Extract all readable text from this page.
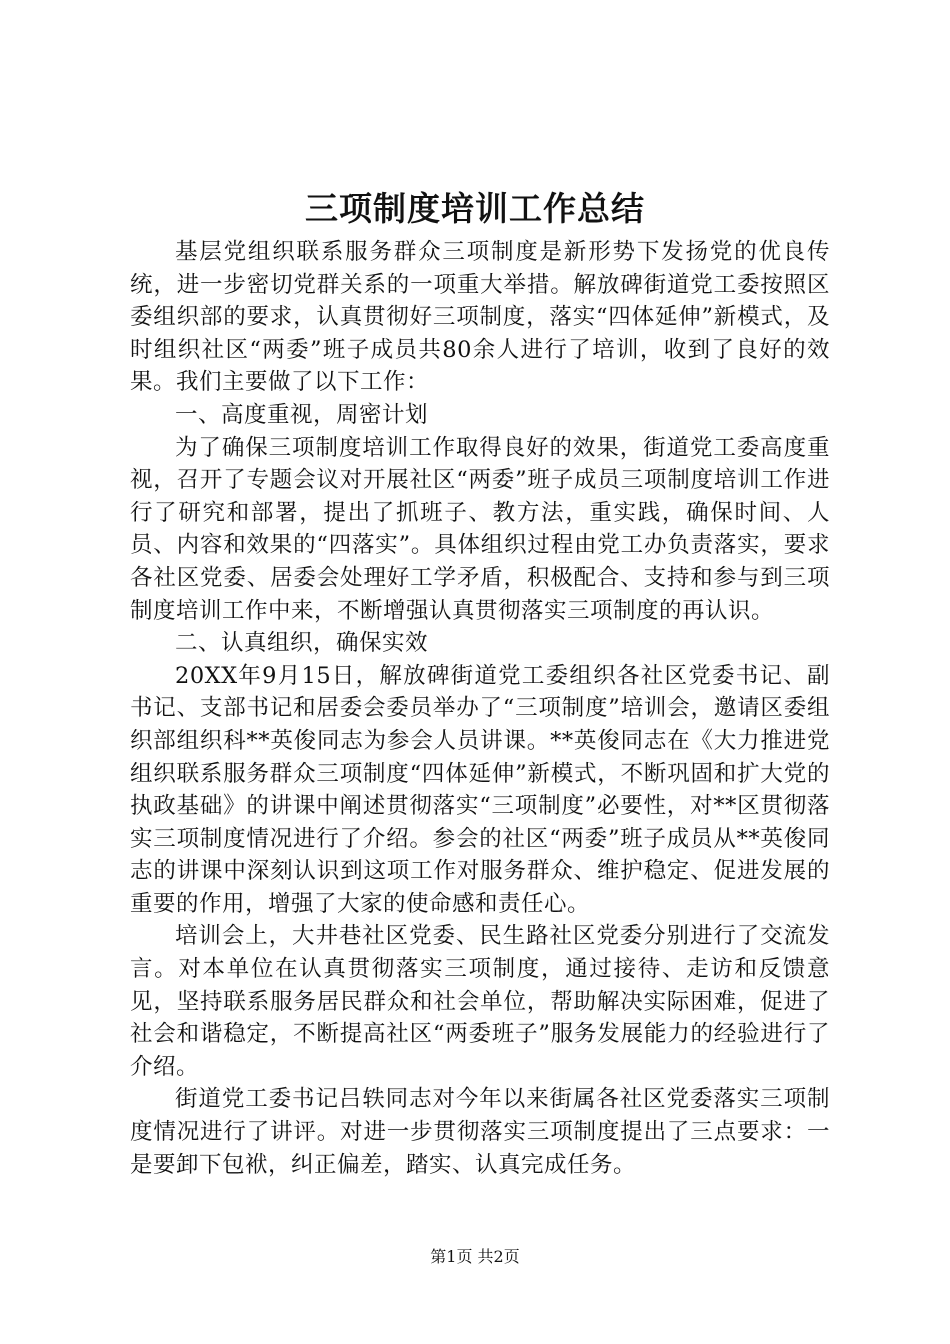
三项制度培训工作总结

基层党组织联系服务群众三项制度是新形势下发扬党的优良传统，进一步密切党群关系的一项重大举措。解放碑街道党工委按照区委组织部的要求，认真贯彻好三项制度，落实“四体延伸”新模式，及时组织社区“两委”班子成员共80余人进行了培训，收到了良好的效果。我们主要做了以下工作：

一、高度重视，周密计划

为了确保三项制度培训工作取得良好的效果，街道党工委高度重视，召开了专题会议对开展社区“两委”班子成员三项制度培训工作进行了研究和部署，提出了抓班子、教方法，重实践，确保时间、人员、内容和效果的“四落实”。具体组织过程由党工办负责落实，要求各社区党委、居委会处理好工学矛盾，积极配合、支持和参与到三项制度培训工作中来，不断增强认真贯彻落实三项制度的再认识。

二、认真组织，确保实效

20XX年9月15日，解放碑街道党工委组织各社区党委书记、副书记、支部书记和居委会委员举办了“三项制度”培训会，邀请区委组织部组织科**英俊同志为参会人员讲课。**英俊同志在《大力推进党组织联系服务群众三项制度“四体延伸”新模式，不断巩固和扩大党的执政基础》的讲课中阐述贯彻落实“三项制度”必要性，对**区贯彻落实三项制度情况进行了介绍。参会的社区“两委”班子成员从**英俊同志的讲课中深刻认识到这项工作对服务群众、维护稳定、促进发展的重要的作用，增强了大家的使命感和责任心。

培训会上，大井巷社区党委、民生路社区党委分别进行了交流发言。对本单位在认真贯彻落实三项制度，通过接待、走访和反馈意见，坚持联系服务居民群众和社会单位，帮助解决实际困难，促进了社会和谐稳定，不断提高社区“两委班子”服务发展能力的经验进行了介绍。

街道党工委书记吕轶同志对今年以来街属各社区党委落实三项制度情况进行了讲评。对进一步贯彻落实三项制度提出了三点要求：一是要卸下包袱，纠正偏差，踏实、认真完成任务。

第1页 共2页
